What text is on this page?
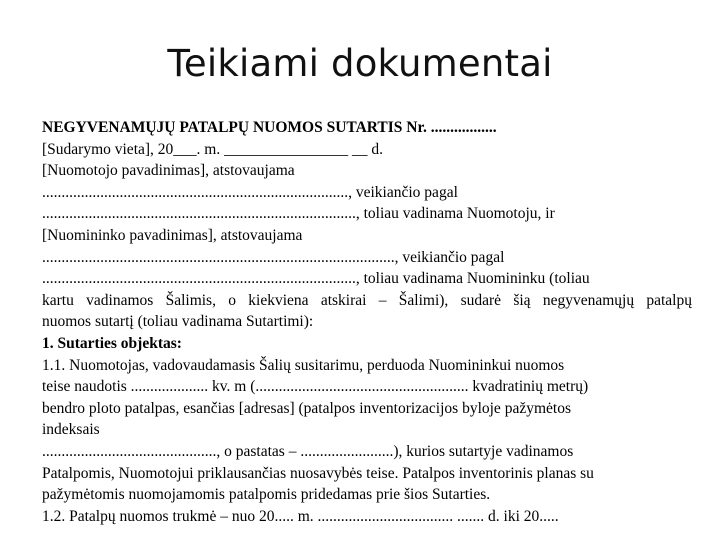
Teikiami dokumentai
NEGYVENAMŲJŲ PATALPŲ NUOMOS SUTARTIS Nr. .................
[Sudarymo vieta], 20___. m. ________________ __ d.
[Nuomotojo pavadinimas], atstovaujama
..............................................................................., veikiančio pagal
................................................................................., toliau vadinama Nuomotoju, ir
[Nuomininko pavadinimas], atstovaujama
..........................................................................................., veikiančio pagal
................................................................................., toliau vadinama Nuomininku (toliau
kartu vadinamos Šalimis, o kiekviena atskirai – Šalimi), sudarė šią negyvenamųjų patalpų
nuomos sutartį (toliau vadinama Sutartimi):
1. Sutarties objektas:
1.1. Nuomotojas, vadovaudamasis Šalių susitarimu, perduoda Nuomininkui nuomos
teise naudotis .................... kv. m (....................................................... kvadratinių metrų)
bendro ploto patalpas, esančias [adresas] (patalpos inventorizacijos byloje pažymėtos
indeksais
............................................., o pastatas – ........................), kurios sutartyje vadinamos
Patalpomis, Nuomotojui priklausančias nuosavybės teise. Patalpos inventorinis planas su
pažymėtomis nuomojamomis patalpomis pridedamas prie šios Sutarties.
1.2. Patalpų nuomos trukmė – nuo 20..... m. ................................... ....... d. iki 20.....
